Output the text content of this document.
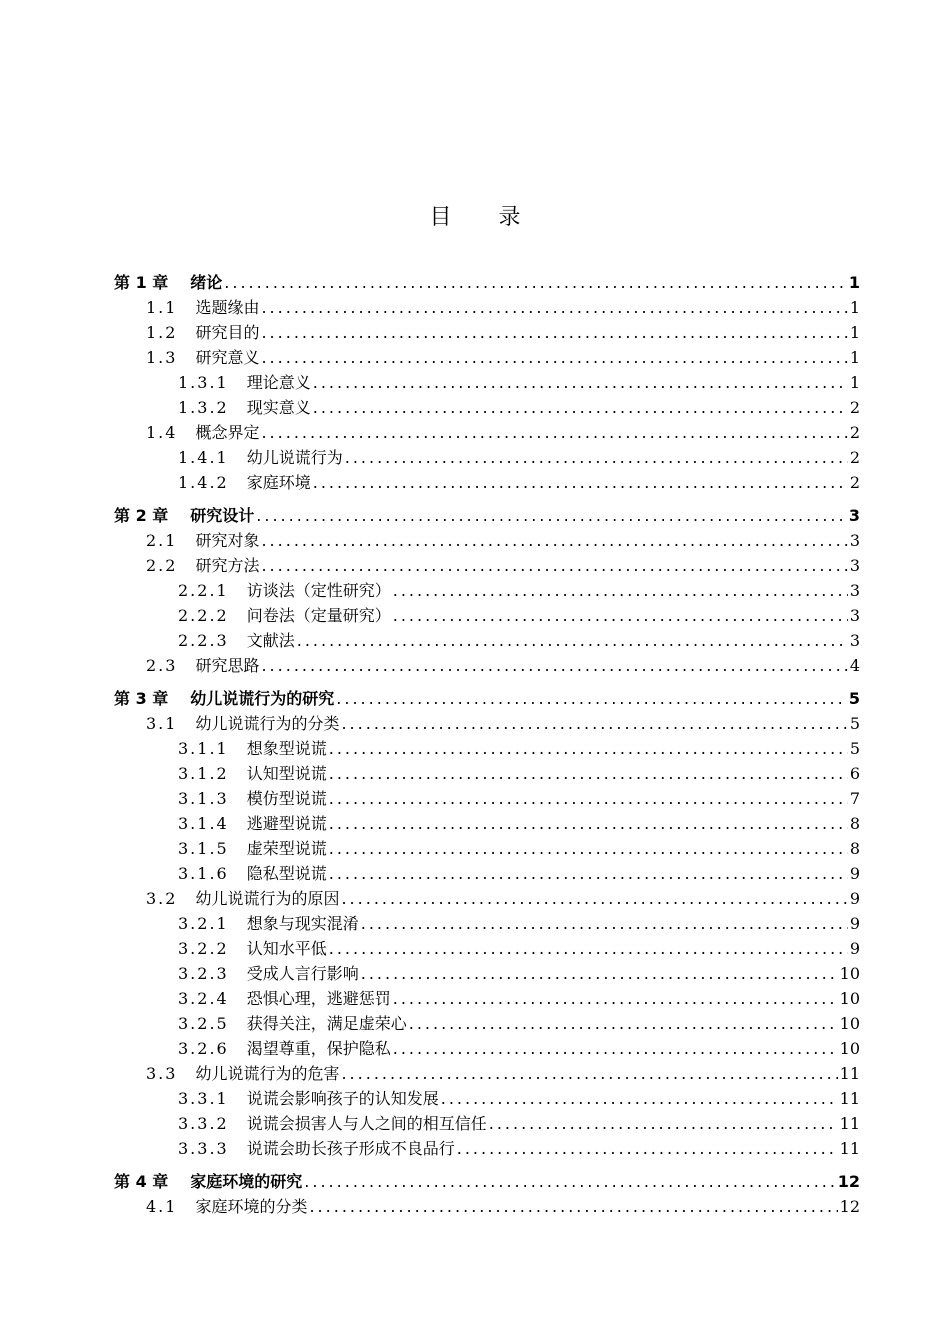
目 录
第 1 章 绪论 .....	1
1.1 选题缘由 .....	1
1.2 研究目的 .....	1
1.3 研究意义 .....	1
1.3.1 理论意义 .....	1
1.3.2 现实意义 .....	2
1.4 概念界定 .....	2
1.4.1 幼儿说谎行为 .....	2
1.4.2 家庭环境 .....	2
第 2 章 研究设计 .....	3
2.1 研究对象 .....	3
2.2 研究方法 .....	3
2.2.1 访谈法（定性研究） .....	3
2.2.2 问卷法（定量研究） .....	3
2.2.3 文献法 .....	3
2.3 研究思路 .....	4
第 3 章 幼儿说谎行为的研究 .....	5
3.1 幼儿说谎行为的分类 .....	5
3.1.1 想象型说谎 .....	5
3.1.2 认知型说谎 .....	6
3.1.3 模仿型说谎 .....	7
3.1.4 逃避型说谎 .....	8
3.1.5 虚荣型说谎 .....	8
3.1.6 隐私型说谎 .....	9
3.2 幼儿说谎行为的原因 .....	9
3.2.1 想象与现实混淆 .....	9
3.2.2 认知水平低 .....	9
3.2.3 受成人言行影响 .....	10
3.2.4 恐惧心理，逃避惩罚 .....	10
3.2.5 获得关注，满足虚荣心 .....	10
3.2.6 渴望尊重，保护隐私 .....	10
3.3 幼儿说谎行为的危害 .....	11
3.3.1 说谎会影响孩子的认知发展 .....	11
3.3.2 说谎会损害人与人之间的相互信任 .....	11
3.3.3 说谎会助长孩子形成不良品行 .....	11
第 4 章 家庭环境的研究 .....	12
4.1 家庭环境的分类 .....	12
